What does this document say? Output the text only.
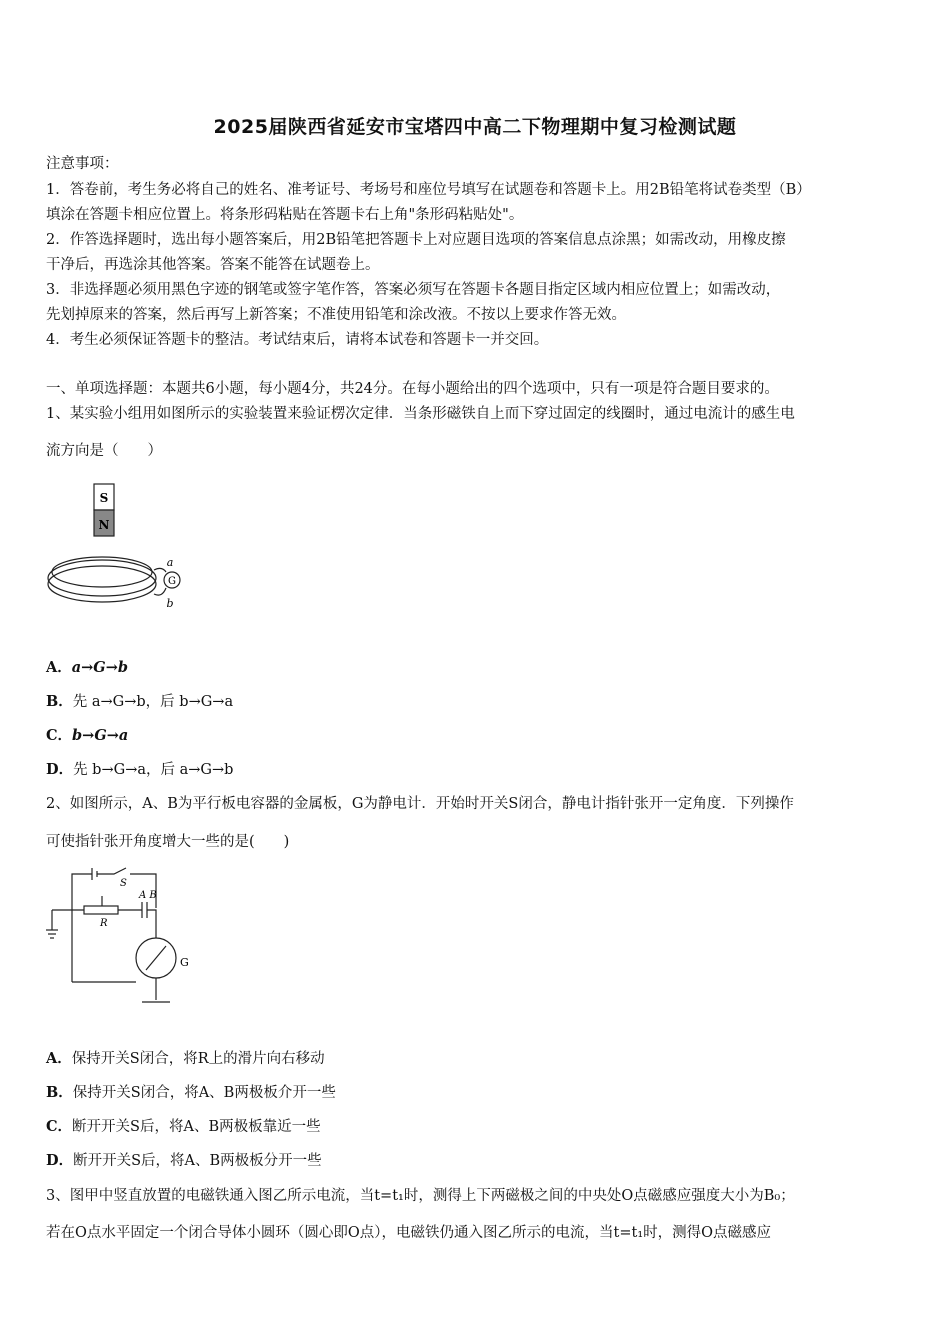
2025届陕西省延安市宝塔四中高二下物理期中复习检测试题
注意事项：
1．答卷前，考生务必将自己的姓名、准考证号、考场号和座位号填写在试题卷和答题卡上。用2B铅笔将试卷类型（B）
填涂在答题卡相应位置上。将条形码粘贴在答题卡右上角"条形码粘贴处"。
2．作答选择题时，选出每小题答案后，用2B铅笔把答题卡上对应题目选项的答案信息点涂黑；如需改动，用橡皮擦
干净后，再选涂其他答案。答案不能答在试题卷上。
3．非选择题必须用黑色字迹的钢笔或签字笔作答，答案必须写在答题卡各题目指定区域内相应位置上；如需改动，
先划掉原来的答案，然后再写上新答案；不准使用铅笔和涂改液。不按以上要求作答无效。
4．考生必须保证答题卡的整洁。考试结束后，请将本试卷和答题卡一并交回。
一、单项选择题：本题共6小题，每小题4分，共24分。在每小题给出的四个选项中，只有一项是符合题目要求的。
1、某实验小组用如图所示的实验装置来验证楞次定律．当条形磁铁自上而下穿过固定的线圈时，通过电流计的感生电
流方向是（　　）
S
N
G
a
b
A．a→G→b
B．先 a→G→b，后 b→G→a
C．b→G→a
D．先 b→G→a，后 a→G→b
2、如图所示，A、B为平行板电容器的金属板，G为静电计．开始时开关S闭合，静电计指针张开一定角度．下列操作
可使指针张开角度增大一些的是(　　)
S
A B
R
G
A．保持开关S闭合，将R上的滑片向右移动
B．保持开关S闭合，将A、B两极板介开一些
C．断开开关S后，将A、B两极板靠近一些
D．断开开关S后，将A、B两极板分开一些
3、图甲中竖直放置的电磁铁通入图乙所示电流，当t=t₁时，测得上下两磁极之间的中央处O点磁感应强度大小为B₀；
若在O点水平固定一个闭合导体小圆环（圆心即O点），电磁铁仍通入图乙所示的电流，当t=t₁时，测得O点磁感应
